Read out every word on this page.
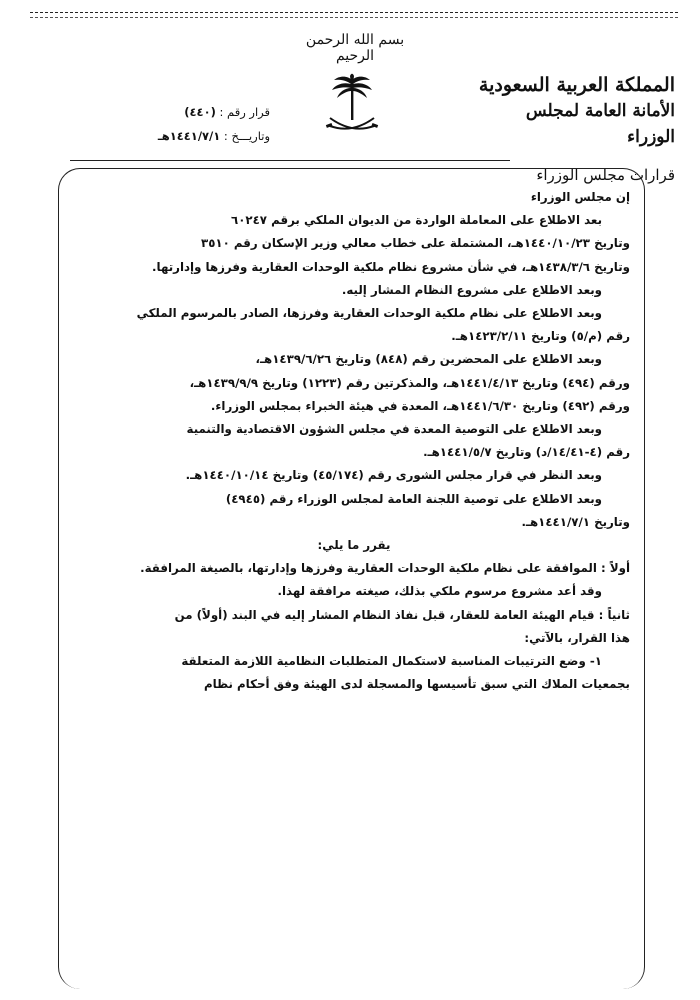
بسم الله الرحمن الرحيم
المملكة العربية السعودية
الأمانة العامة لمجلس الوزراء
قرارات مجلس الوزراء
قرار رقم : (٤٤٠)
وتاريـــخ : ١٤٤١/٧/١هـ

إن مجلس الوزراء

بعد الاطلاع على المعاملة الواردة من الديوان الملكي برقم ٦٠٢٤٧

وتاريخ ١٤٤٠/١٠/٢٣هـ، المشتملة على خطاب معالي وزير الإسكان رقم ٣٥١٠

وتاريخ ١٤٣٨/٣/٦هـ، في شأن مشروع نظام ملكية الوحدات العقارية وفرزها وإدارتها.

وبعد الاطلاع على مشروع النظام المشار إليه.

وبعد الاطلاع على نظام ملكية الوحدات العقارية وفرزها، الصادر بالمرسوم الملكي

رقم (م/٥) وتاريخ ١٤٢٣/٢/١١هـ.

وبعد الاطلاع على المحضرين رقم (٨٤٨) وتاريخ ١٤٣٩/٦/٢٦هـ،

ورقم (٤٩٤) وتاريخ ١٤٤١/٤/١٣هـ، والمذكرتين رقم (١٢٢٣) وتاريخ ١٤٣٩/٩/٩هـ،

ورقم (٤٩٢) وتاريخ ١٤٤١/٦/٣٠هـ، المعدة في هيئة الخبراء بمجلس الوزراء.

وبعد الاطلاع على التوصية المعدة في مجلس الشؤون الاقتصادية والتنمية

رقم (٤-١٤/٤١/د) وتاريخ ١٤٤١/٥/٧هـ.

وبعد النظر في قرار مجلس الشورى رقم (٤٥/١٧٤) وتاريخ ١٤٤٠/١٠/١٤هـ.

وبعد الاطلاع على توصية اللجنة العامة لمجلس الوزراء رقم (٤٩٤٥)

وتاريخ ١٤٤١/٧/١هـ.

يقرر ما يلي:

أولاً : الموافقة على نظام ملكية الوحدات العقارية وفرزها وإدارتها، بالصيغة المرافقة.

وقد أعد مشروع مرسوم ملكي بذلك، صيغته مرافقة لهذا.

ثانياً : قيام الهيئة العامة للعقار، قبل نفاذ النظام المشار إليه في البند (أولاً) من

هذا القرار، بالآتي:

١- وضع الترتيبات المناسبة لاستكمال المتطلبات النظامية اللازمة المتعلقة

بجمعيات الملاك التي سبق تأسيسها والمسجلة لدى الهيئة وفق أحكام نظام
